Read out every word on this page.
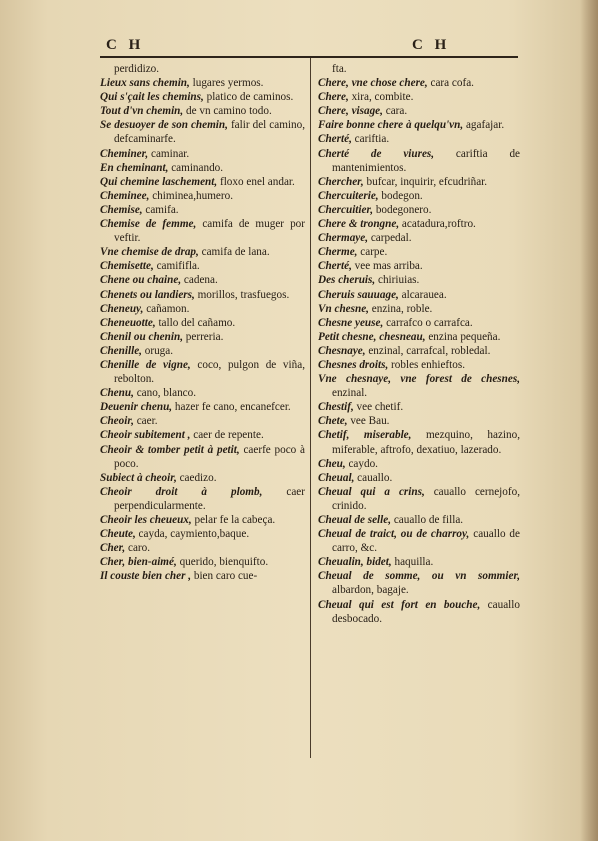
C H	C H

perdidizo.

Lieux sans chemin, lugares yermos.

Qui s'çait les chemins, platico de caminos.

Tout d'vn chemin, de vn camino todo.

Se desuoyer de son chemin, falir del camino, defcaminarfe.

Cheminer, caminar.

En cheminant, caminando.

Qui chemine laschement, floxo enel andar.

Cheminee, chiminea,humero.

Chemise, camifa.

Chemise de femme, camifa de muger por veftir.

Vne chemise de drap, camifa de lana.

Chemisette, camififla.

Chene ou chaine, cadena.

Chenets ou landiers, morillos, trasfuegos.

Cheneuy, cañamon.

Cheneuotte, tallo del cañamo.

Chenil ou chenin, perreria.

Chenille, oruga.

Chenille de vigne, coco, pulgon de viña, rebolton.

Chenu, cano, blanco.

Deuenir chenu, hazer fe cano, encanefcer.

Cheoir, caer.

Cheoir subitement , caer de repente.

Cheoir & tomber petit à petit, caerfe poco à poco.

Subiect à cheoir, caedizo.

Cheoir droit à plomb, caer perpendicularmente.

Cheoir les cheueux, pelar fe la cabeça.

Cheute, cayda, caymiento,baque.

Cher, caro.

Cher, bien-aimé, querido, bienquifto.

Il couste bien cher , bien caro cue-

fta.

Chere, vne chose chere, cara cofa.

Chere, xira, combite.

Chere, visage, cara.

Faire bonne chere à quelqu'vn, agafajar.

Cherté, cariftia.

Cherté de viures, cariftia de mantenimientos.

Chercher, bufcar, inquirir, efcudriñar.

Chercuiterie, bodegon.

Chercuitier, bodegonero.

Chere & trongne, acatadura,roftro.

Chermaye, carpedal.

Cherme, carpe.

Cherté, vee mas arriba.

Des cheruis, chiriuias.

Cheruis sauuage, alcaraueа.

Vn chesne, enzina, roble.

Chesne yeuse, carrafco o carrafca.

Petit chesne, chesneau, enzina pequeña.

Chesnaye, enzinal, carrafcal, robledal.

Chesnes droits, robles enhieftos.

Vne chesnaye, vne forest de chesnes, enzinal.

Chestif, vee chetif.

Chete, vee Bau.

Chetif, miserable, mezquino, hazino, miferable, aftrofo, dexatiuo, lazerado.

Cheu, caydo.

Cheual, cauallo.

Cheual qui a crins, cauallo cernejofo, crinido.

Cheual de selle, cauallo de filla.

Cheual de traict, ou de charroy, cauallo de carro, &c.

Cheualin, bidet, haquilla.

Cheual de somme, ou vn sommier, albardon, bagaje.

Cheual qui est fort en bouche, cauallo desbocado.
